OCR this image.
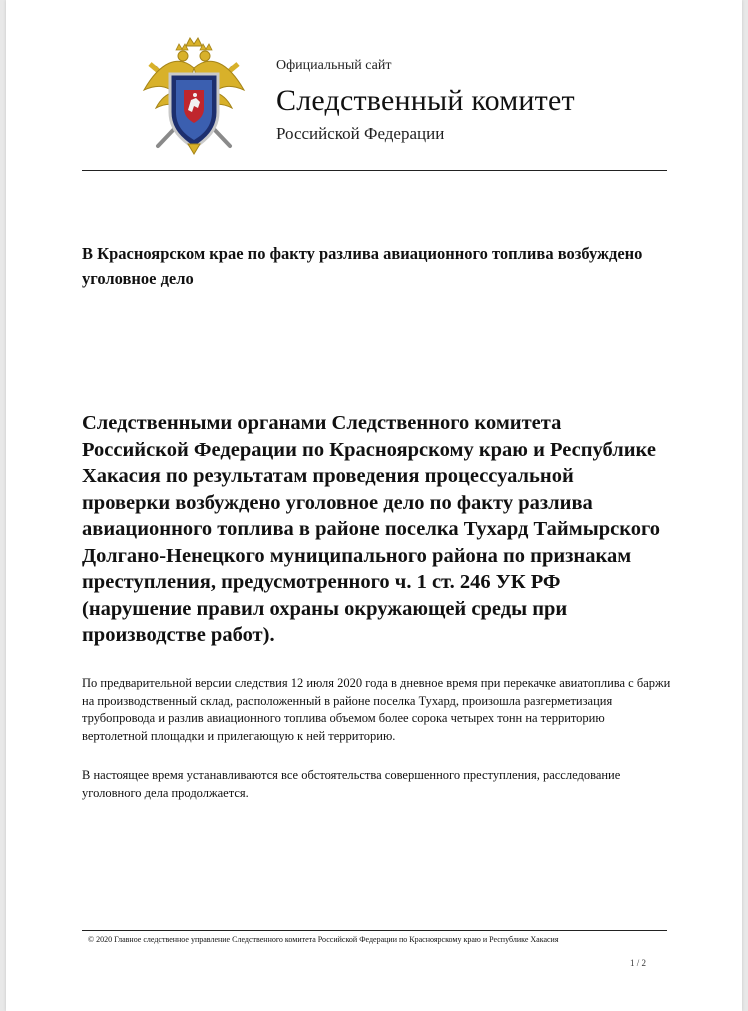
Официальный сайт

Следственный комитет

Российской Федерации

В Красноярском крае по факту разлива авиационного топлива возбуждено уголовное дело

Следственными органами Следственного комитета Российской Федерации по Красноярскому краю и Республике Хакасия по результатам проведения процессуальной проверки возбуждено уголовное дело по факту разлива авиационного топлива в районе поселка Тухард Таймырского Долгано-Ненецкого муниципального района по признакам преступления, предусмотренного ч. 1 ст. 246 УК РФ (нарушение правил охраны окружающей среды при производстве работ).

По предварительной версии следствия 12 июля 2020 года в дневное время при перекачке авиатоплива с баржи на производственный склад, расположенный в районе поселка Тухард, произошла разгерметизация трубопровода и разлив авиационного топлива объемом более сорока четырех тонн на территорию вертолетной площадки и прилегающую к ней территорию.

В настоящее время устанавливаются все обстоятельства совершенного преступления, расследование уголовного дела продолжается.

© 2020 Главное следственное управление Следственного комитета Российской Федерации по Красноярскому краю и Республике Хакасия

1 / 2
